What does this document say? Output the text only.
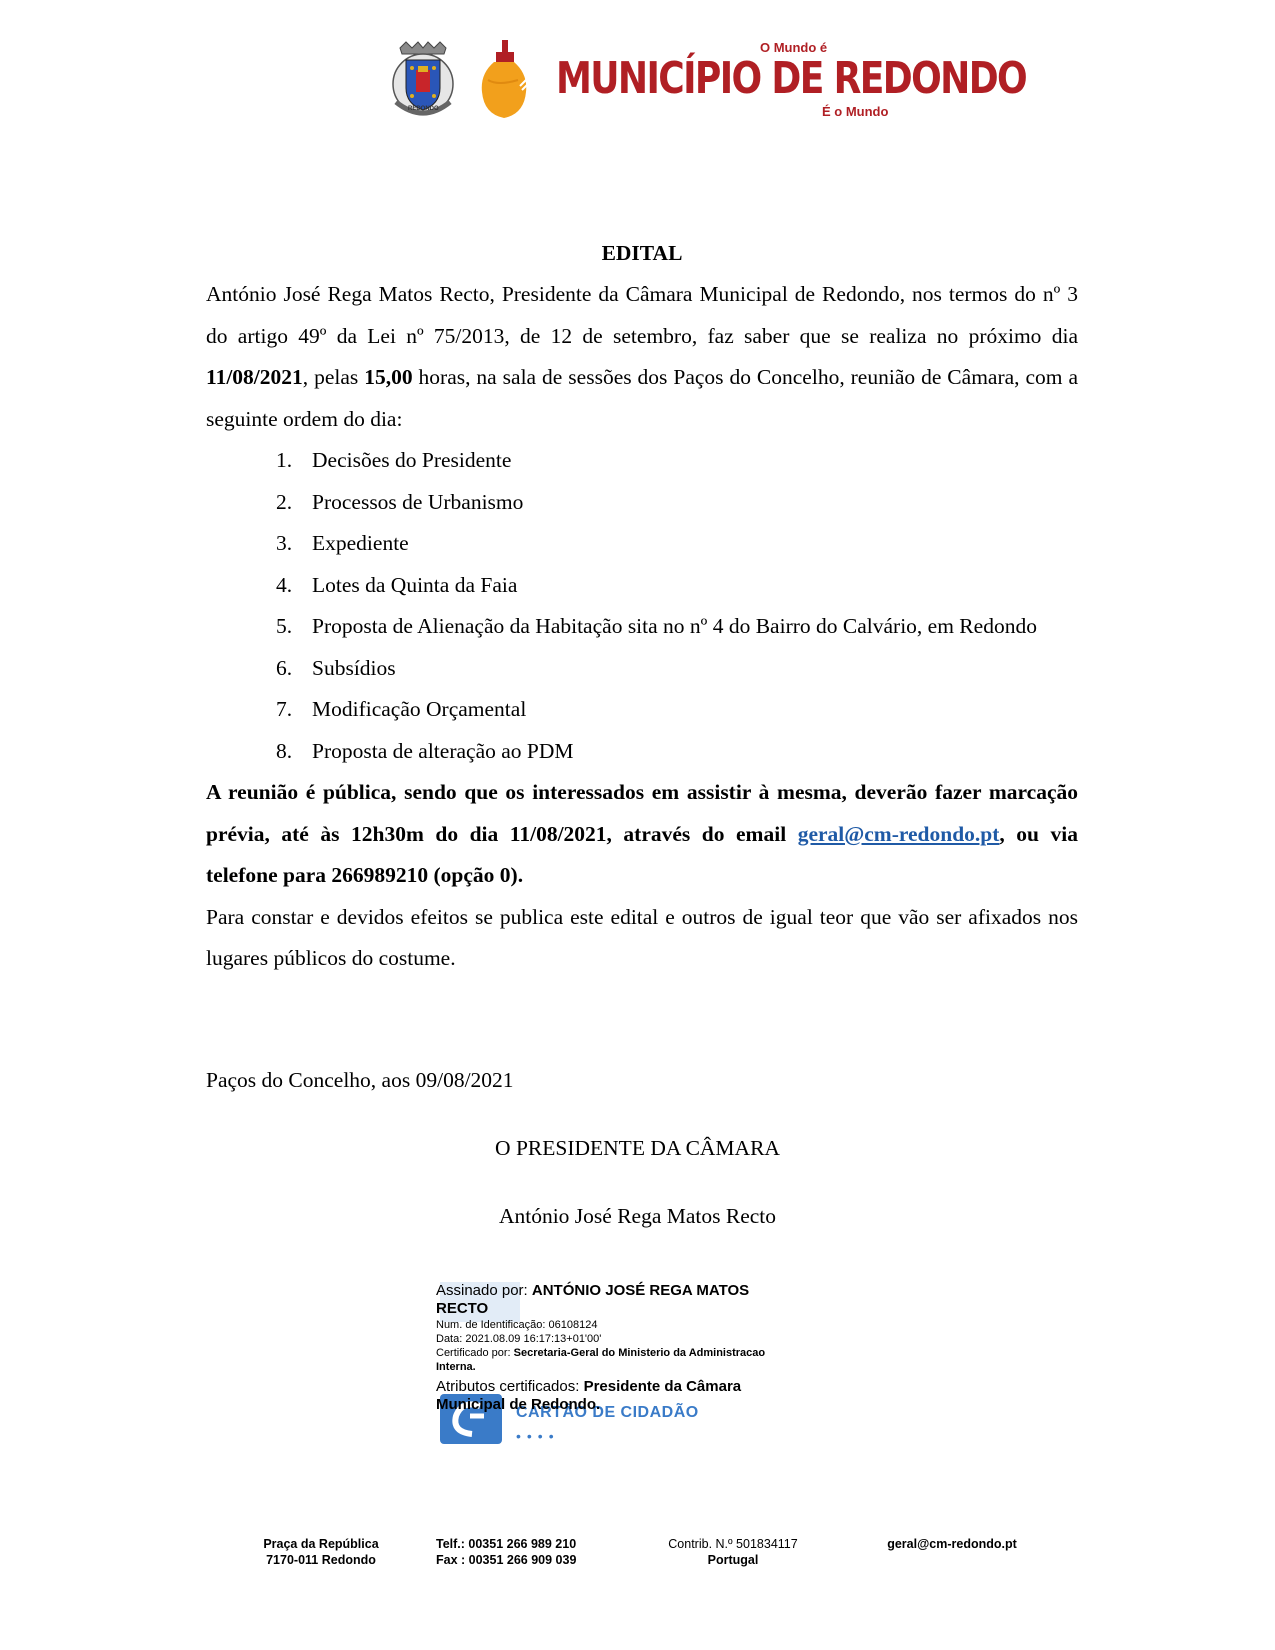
REDONDO
O Mundo é
MUNICÍPIO DE REDONDO
É o Mundo

EDITAL

António José Rega Matos Recto, Presidente da Câmara Municipal de Redondo, nos termos do nº 3 do artigo 49º da Lei nº 75/2013, de 12 de setembro, faz saber que se realiza no próximo dia 11/08/2021, pelas 15,00 horas, na sala de sessões dos Paços do Concelho, reunião de Câmara, com a seguinte ordem do dia:

1. Decisões do Presidente
2. Processos de Urbanismo
3. Expediente
4. Lotes da Quinta da Faia
5. Proposta de Alienação da Habitação sita no nº 4 do Bairro do Calvário, em Redondo
6. Subsídios
7. Modificação Orçamental
8. Proposta de alteração ao PDM

A reunião é pública, sendo que os interessados em assistir à mesma, deverão fazer marcação prévia, até às 12h30m do dia 11/08/2021, através do email geral@cm-redondo.pt, ou via telefone para 266989210 (opção 0).

Para constar e devidos efeitos se publica este edital e outros de igual teor que vão ser afixados nos lugares públicos do costume.

Paços do Concelho, aos 09/08/2021
O PRESIDENTE DA CÂMARA
António José Rega Matos Recto
CARTÃO DE CIDADÃO
••••
Assinado por: ANTÓNIO JOSÉ REGA MATOS RECTO
Num. de Identificação: 06108124
Data: 2021.08.09 16:17:13+01'00'
Certificado por: Secretaria-Geral do Ministerio da Administracao Interna.
Atributos certificados: Presidente da Câmara Municipal de Redondo.
Praça da República
7170-011 Redondo
Telf.: 00351 266 989 210
Fax : 00351 266 909 039
Contrib. N.º 501834117
Portugal
geral@cm-redondo.pt
